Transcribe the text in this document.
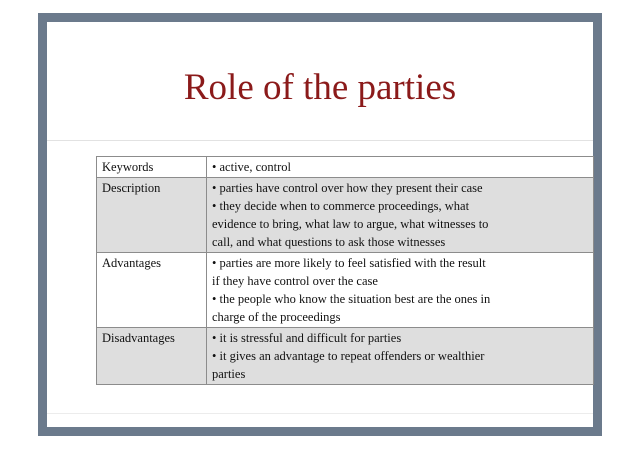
Role of the parties
Keywords	• active, control

Description	• parties have control over how they present their case
• they decide when to commerce proceedings, what
evidence to bring, what law to argue, what witnesses to
call, and what questions to ask those witnesses

Advantages	• parties are more likely to feel satisfied with the result
if they have control over the case
• the people who know the situation best are the ones in
charge of the proceedings

Disadvantages	• it is stressful and difficult for parties
• it gives an advantage to repeat offenders or wealthier
parties
